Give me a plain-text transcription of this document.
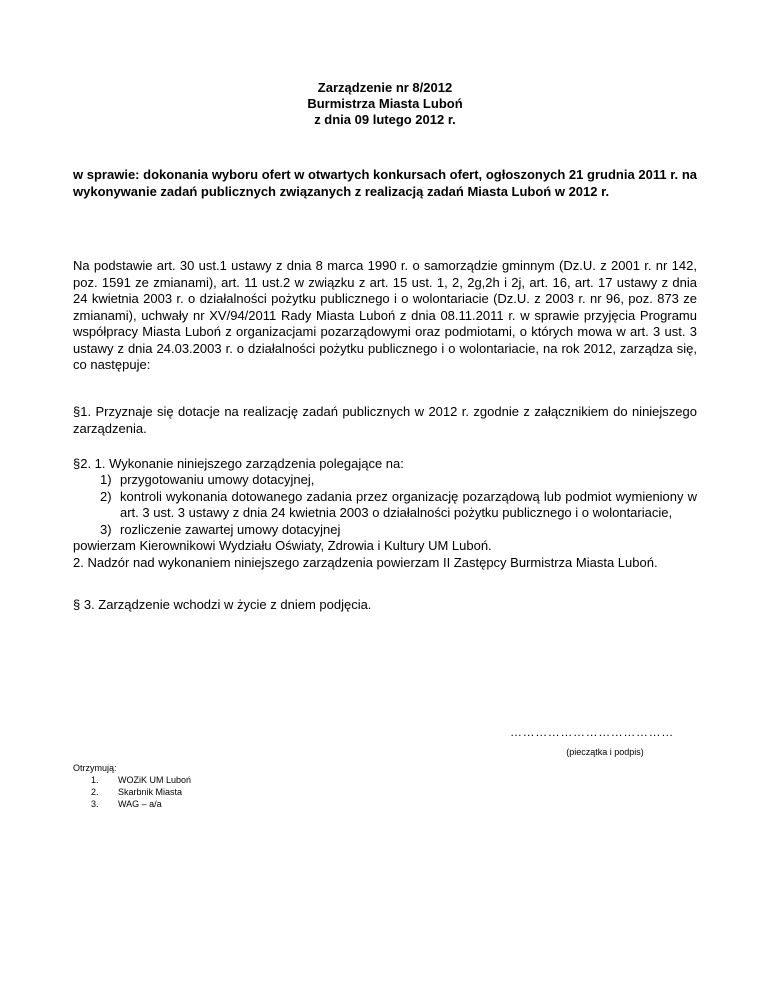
Zarządzenie nr 8/2012
Burmistrza Miasta Luboń
z dnia 09 lutego 2012 r.
w sprawie: dokonania wyboru ofert w otwartych konkursach ofert, ogłoszonych 21 grudnia 2011 r. na wykonywanie zadań publicznych związanych z realizacją zadań Miasta Luboń w 2012 r.
Na podstawie art. 30 ust.1 ustawy z dnia 8 marca 1990 r. o samorządzie gminnym (Dz.U. z 2001 r. nr 142, poz. 1591 ze zmianami), art. 11 ust.2 w związku z art. 15 ust. 1, 2, 2g,2h i 2j, art. 16, art. 17 ustawy z dnia 24 kwietnia 2003 r. o działalności pożytku publicznego i o wolontariacie (Dz.U. z 2003 r. nr 96, poz. 873 ze zmianami), uchwały nr XV/94/2011 Rady Miasta Luboń z dnia 08.11.2011 r. w sprawie przyjęcia Programu współpracy Miasta Luboń z organizacjami pozarządowymi oraz podmiotami, o których mowa w art. 3 ust. 3 ustawy z dnia 24.03.2003 r. o działalności pożytku publicznego i o wolontariacie, na rok 2012, zarządza się, co następuje:
§1. Przyznaje się dotacje na realizację zadań publicznych w 2012 r. zgodnie z załącznikiem do niniejszego zarządzenia.
§2. 1. Wykonanie niniejszego zarządzenia polegające na:
1) przygotowaniu umowy dotacyjnej,
2) kontroli wykonania dotowanego zadania przez organizację pozarządową lub podmiot wymieniony w art. 3 ust. 3 ustawy z dnia 24 kwietnia 2003 o działalności pożytku publicznego i o wolontariacie,
3) rozliczenie zawartej umowy dotacyjnej
powierzam Kierownikowi Wydziału Oświaty, Zdrowia i Kultury UM Luboń.
2. Nadzór nad wykonaniem niniejszego zarządzenia powierzam II Zastępcy Burmistrza Miasta Luboń.
§ 3. Zarządzenie wchodzi w życie z dniem podjęcia.
…………………………………
(pieczątka i podpis)
Otrzymują:
1. WOZiK UM Luboń
2. Skarbnik Miasta
3. WAG – a/a
